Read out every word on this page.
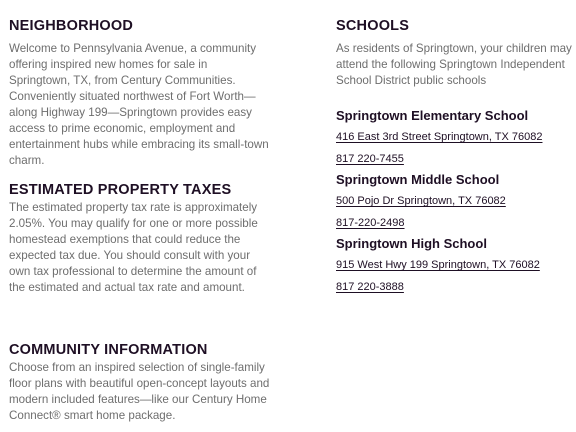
NEIGHBORHOOD

Welcome to Pennsylvania Avenue, a community offering inspired new homes for sale in Springtown, TX, from Century Communities. Conveniently situated northwest of Fort Worth—along Highway 199—Springtown provides easy access to prime economic, employment and entertainment hubs while embracing its small-town charm.

ESTIMATED PROPERTY TAXES

The estimated property tax rate is approximately 2.05%. You may qualify for one or more possible homestead exemptions that could reduce the expected tax due. You should consult with your own tax professional to determine the amount of the estimated and actual tax rate and amount.

COMMUNITY INFORMATION

Choose from an inspired selection of single-family floor plans with beautiful open-concept layouts and modern included features—like our Century Home Connect® smart home package.

SCHOOLS

As residents of Springtown, your children may attend the following Springtown Independent School District public schools

Springtown Elementary School
416 East 3rd Street Springtown, TX 76082
817 220-7455
Springtown Middle School
500 Pojo Dr Springtown, TX 76082
817-220-2498
Springtown High School
915 West Hwy 199 Springtown, TX 76082
817 220-3888
